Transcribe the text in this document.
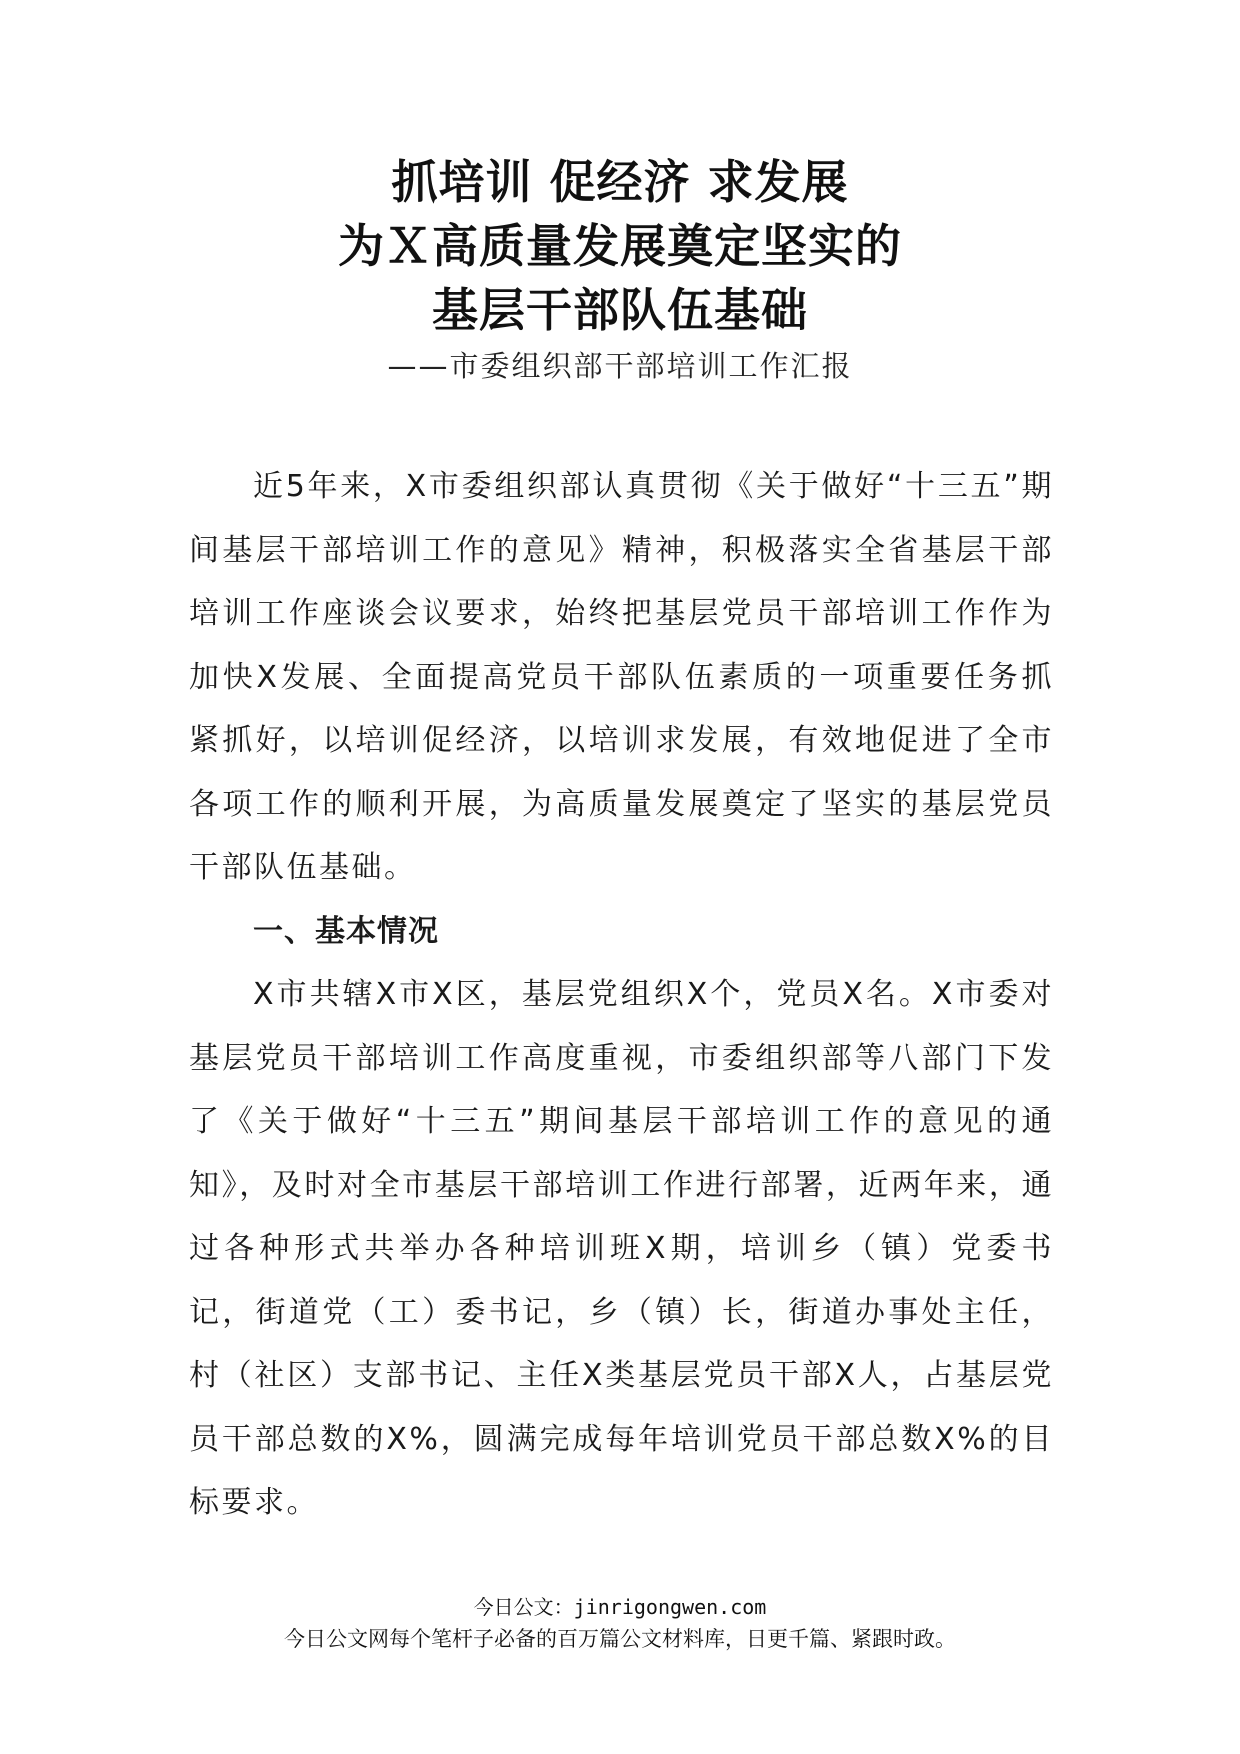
抓培训 促经济 求发展
为Ｘ高质量发展奠定坚实的
基层干部队伍基础
——市委组织部干部培训工作汇报

近5年来，X市委组织部认真贯彻《关于做好“十三五”期间基层干部培训工作的意见》精神，积极落实全省基层干部培训工作座谈会议要求，始终把基层党员干部培训工作作为加快X发展、全面提高党员干部队伍素质的一项重要任务抓紧抓好，以培训促经济，以培训求发展，有效地促进了全市各项工作的顺利开展，为高质量发展奠定了坚实的基层党员干部队伍基础。

一、基本情况

X市共辖X市X区，基层党组织X个，党员X名。X市委对基层党员干部培训工作高度重视，市委组织部等八部门下发了《关于做好“十三五”期间基层干部培训工作的意见的通知》，及时对全市基层干部培训工作进行部署，近两年来，通过各种形式共举办各种培训班X期，培训乡（镇）党委书记，街道党（工）委书记，乡（镇）长，街道办事处主任，村（社区）支部书记、主任X类基层党员干部X人，占基层党员干部总数的X%，圆满完成每年培训党员干部总数X%的目标要求。

今日公文：jinrigongwen.com
今日公文网每个笔杆子必备的百万篇公文材料库，日更千篇、紧跟时政。
